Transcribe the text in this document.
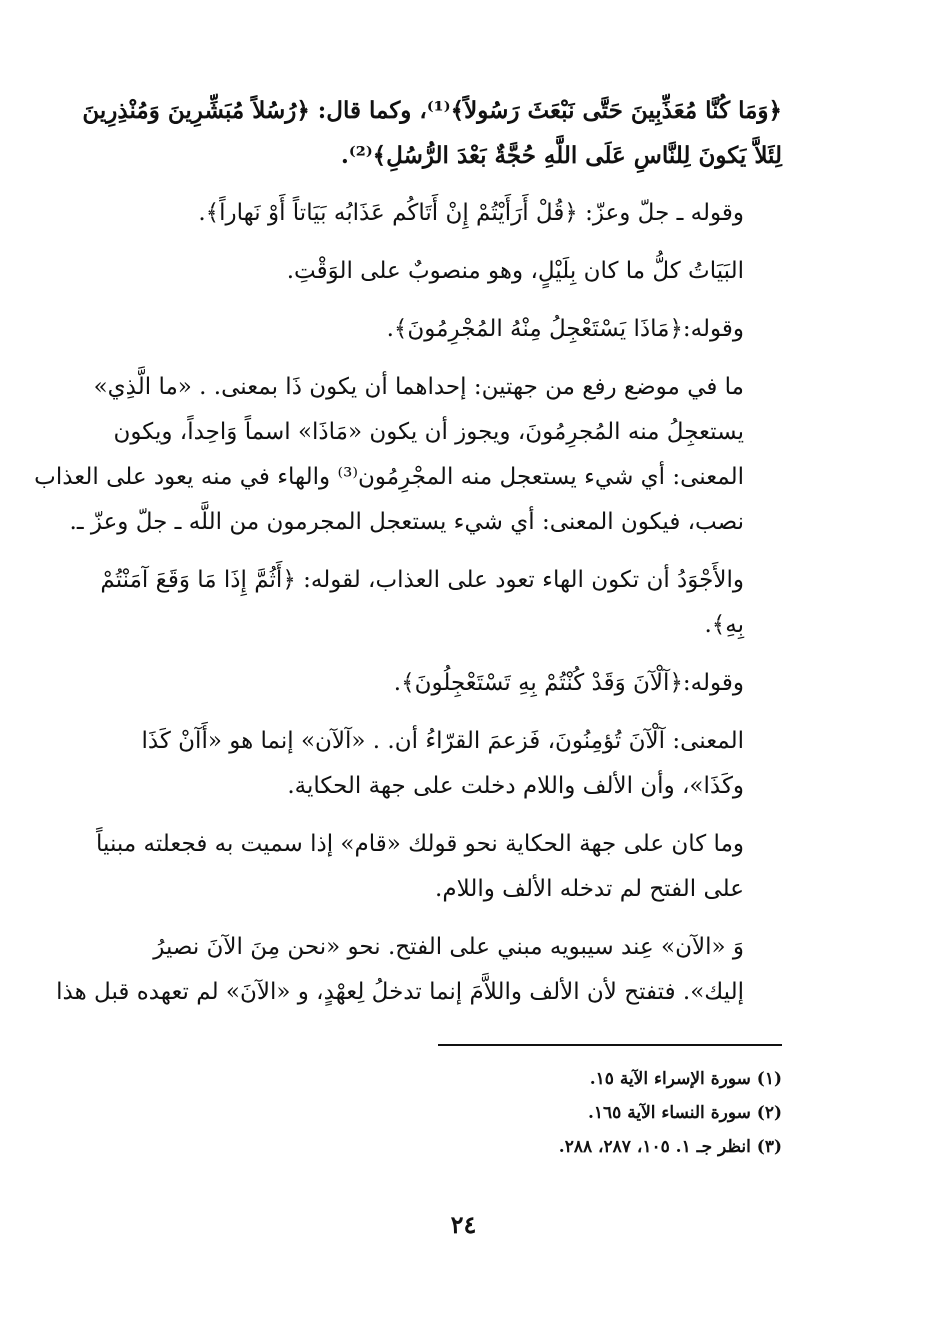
﴿وَمَا كُنَّا مُعَذِّبِينَ حَتَّى نَبْعَثَ رَسُولاً﴾⁽¹⁾، وكما قال: ﴿رُسُلاً مُبَشِّرِينَ وَمُنْذِرِينَ
لِئَلاَّ يَكونَ لِلنَّاسِ عَلَى اللَّهِ حُجَّةٌ بَعْدَ الرُّسُلِ﴾⁽²⁾.

وقوله ـ جلّ وعزّ: ﴿قُلْ أَرَأَيْتُمْ إِنْ أَتَاكُم عَذَابُه بَيَاتاً أَوْ نَهاراً﴾.

البَيَاتُ كلُّ ما كان بِلَيْلٍ، وهو منصوبٌ على الوَقْتِ.

وقوله:﴿مَاذَا يَسْتَعْجِلُ مِنْهُ المُجْرِمُونَ﴾.

ما في موضع رفع من جهتين: إحداهما أن يكون ذَا بمعنى. . «ما الَّذِي»
يستعجِلُ منه المُجرِمُونَ، ويجوز أن يكون «مَاذَا» اسماً وَاحِداً، ويكون
المعنى: أي شيء يستعجل منه المجْرِمُون⁽³⁾ والهاء في منه يعود على العذاب
نصب، فيكون المعنى: أي شيء يستعجل المجرمون من اللَّه ـ جلّ وعزّ ـ.

والأَجْوَدُ أن تكون الهاء تعود على العذاب، لقوله: ﴿أَثُمَّ إِذَا مَا وَقَعَ آمَنْتُمْ
بِهِ﴾.

وقوله:﴿آلْآنَ وَقَدْ كُنْتُمْ بِهِ تَسْتَعْجِلُونَ﴾.

المعنى: آلْآنَ تُؤمِنُونَ، فَزعمَ القرّاءُ أن. . «آلآن» إنما هو «أَآنْ كَذَا
وكَذَا»، وأن الألف واللام دخلت على جهة الحكاية.

وما كان على جهة الحكاية نحو قولك «قام» إذا سميت به فجعلته مبنياً
على الفتح لم تدخله الألف واللام.

وَ «الآن» عِند سيبويه مبني على الفتح. نحو «نحن مِنَ الآنَ نصيرُ
إليك». فتفتح لأن الألف واللاَّمَ إنما تدخلُ لِعهْدٍ، و «الآنَ» لم تعهده قبل هذا

(١) سورة الإسراء الآية ١٥.
(٢) سورة النساء الآية ١٦٥.
(٣) انظر جـ ١. ١٠٥، ٢٨٧، ٢٨٨.
٢٤
